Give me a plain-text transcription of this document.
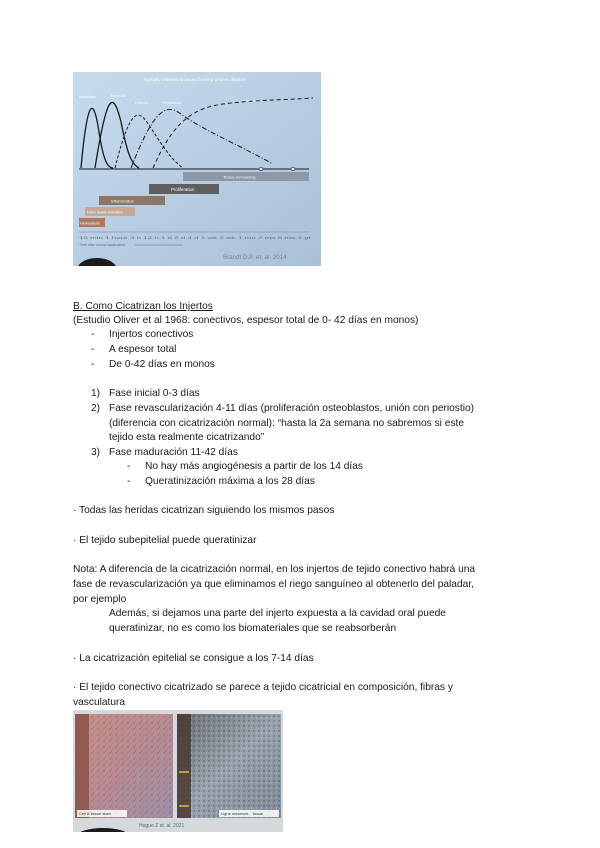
Typically referenced wound healing phases diagram
Macrófago	Neutrófilo
Linfocito	Fibroblasto	Colágeno
Tissue remodeling
Proliferation
Inflammation
Fibrin matrix formation
Hemostasis
10 min 1 hour 3 h 12 h 1 d 2 d 4 d 1 wk 2 wk 1 mo 2 mo 6 mo 1 yr
Time after wound application
Brandt D.P. et. al. 2014
B. Como Cicatrizan los Injertos
(Estudio Oliver et al 1968: conectivos, espesor total de 0- 42 días en monos)
- Injertos conectivos
- A espesor total
- De 0-42 días en monos
1) Fase inicial 0-3 días
2) Fase revascularización 4-11 días (proliferación osteoblastos, unión con periostio)
(diferencia con cicatrización normal): “hasta la 2a semana no sabremos si este
tejido esta realmente cicatrizando”
3) Fase maduración 11-42 días
- No hay más angiogénesis a partir de los 14 días
- Queratinización máxima a los 28 días
· Todas las heridas cicatrizan siguiendo los mismos pasos
· El tejido subepitelial puede queratinizar
Nota: A diferencia de la cicatrización normal, en los injertos de tejido conectivo habrá una
fase de revascularización ya que eliminamos el riego sanguíneo al obtenerlo del paladar,
por ejemplo
Además, si dejamos una parte del injerto expuesta a la cavidad oral puede
queratinizar, no es como los biomateriales que se reabsorberán
· La cicatrización epitelial se consigue a los 7-14 días
· El tejido conectivo cicatrizado se parece a tejido cicatricial en composición, fibras y
vasculatura
Cell & tissue stain	Ligne mésench... tissue
Hogue Z et. al. 2021
